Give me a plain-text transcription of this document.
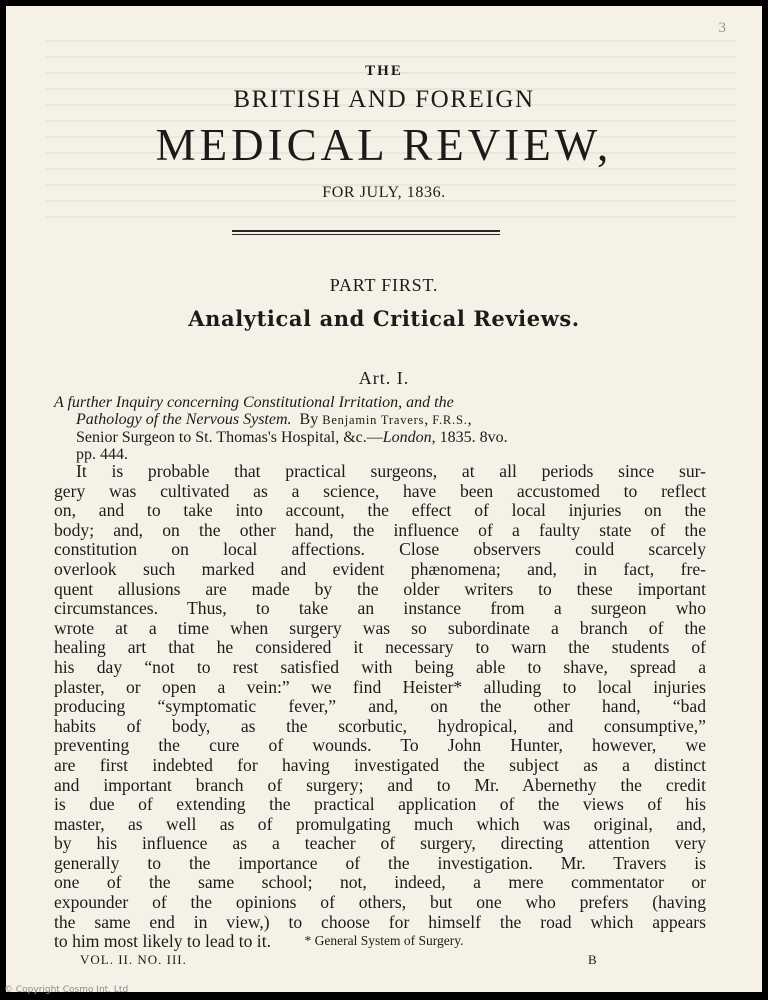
3
THE
BRITISH AND FOREIGN
MEDICAL REVIEW,
FOR JULY, 1836.
PART FIRST.
Analytical and Critical Reviews.
Art. I.
A further Inquiry concerning Constitutional Irritation, and the
Pathology of the Nervous System. By Benjamin Travers, F.R.S.,
Senior Surgeon to St. Thomas's Hospital, &c.—London, 1835. 8vo.
pp. 444.
It is probable that practical surgeons, at all periods since sur-
gery was cultivated as a science, have been accustomed to reflect
on, and to take into account, the effect of local injuries on the
body; and, on the other hand, the influence of a faulty state of the
constitution on local affections. Close observers could scarcely
overlook such marked and evident phænomena; and, in fact, fre-
quent allusions are made by the older writers to these important
circumstances. Thus, to take an instance from a surgeon who
wrote at a time when surgery was so subordinate a branch of the
healing art that he considered it necessary to warn the students of
his day “not to rest satisfied with being able to shave, spread a
plaster, or open a vein:” we find Heister* alluding to local injuries
producing “symptomatic fever,” and, on the other hand, “bad
habits of body, as the scorbutic, hydropical, and consumptive,”
preventing the cure of wounds. To John Hunter, however, we
are first indebted for having investigated the subject as a distinct
and important branch of surgery; and to Mr. Abernethy the credit
is due of extending the practical application of the views of his
master, as well as of promulgating much which was original, and,
by his influence as a teacher of surgery, directing attention very
generally to the importance of the investigation. Mr. Travers is
one of the same school; not, indeed, a mere commentator or
expounder of the opinions of others, but one who prefers (having
the same end in view,) to choose for himself the road which appears
to him most likely to lead to it.	* General System of Surgery.
VOL. II. NO. III.	B
© Copyright Cosmo Int. Ltd
